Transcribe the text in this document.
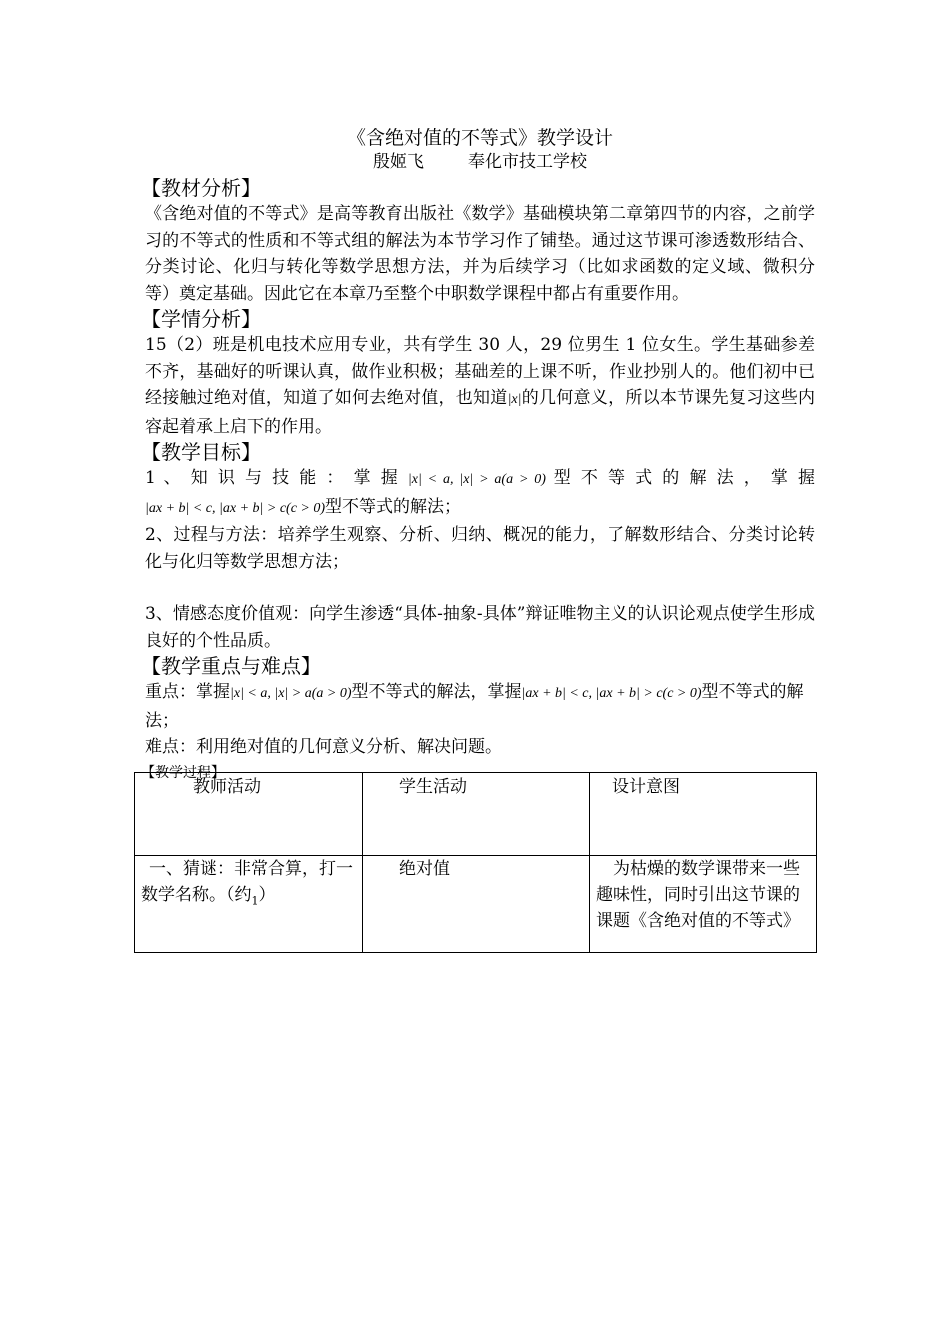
《含绝对值的不等式》教学设计
殷姬飞	奉化市技工学校
【教材分析】

《含绝对值的不等式》是高等教育出版社《数学》基础模块第二章第四节的内容，之前学习的不等式的性质和不等式组的解法为本节学习作了铺垫。通过这节课可渗透数形结合、分类讨论、化归与转化等数学思想方法，并为后续学习（比如求函数的定义域、微积分等）奠定基础。因此它在本章乃至整个中职数学课程中都占有重要作用。

【学情分析】

15（2）班是机电技术应用专业，共有学生 30 人，29 位男生 1 位女生。学生基础参差不齐，基础好的听课认真，做作业积极；基础差的上课不听，作业抄别人的。他们初中已经接触过绝对值，知道了如何去绝对值，也知道|x|的几何意义，所以本节课先复习这些内容起着承上启下的作用。

【教学目标】

1 、 知 识 与 技 能 ： 掌 握 |x| < a, |x| > a(a > 0) 型 不 等 式 的 解 法 ， 掌 握

|ax + b| < c, |ax + b| > c(c > 0)型不等式的解法；

2、过程与方法：培养学生观察、分析、归纳、概况的能力，了解数形结合、分类讨论转化与化归等数学思想方法；

3、情感态度价值观：向学生渗透“具体-抽象-具体”辩证唯物主义的认识论观点使学生形成良好的个性品质。

【教学重点与难点】

重点：掌握|x| < a, |x| > a(a > 0)型不等式的解法，掌握|ax + b| < c, |ax + b| > c(c > 0)型不等式的解法；

难点：利用绝对值的几何意义分析、解决问题。

【教学过程】
教师活动	学生活动	设计意图

一、猜谜：非常合算，打一数学名称。（约$_1$）	绝对值	为枯燥的数学课带来一些趣味性，同时引出这节课的课题《含绝对值的不等式》
